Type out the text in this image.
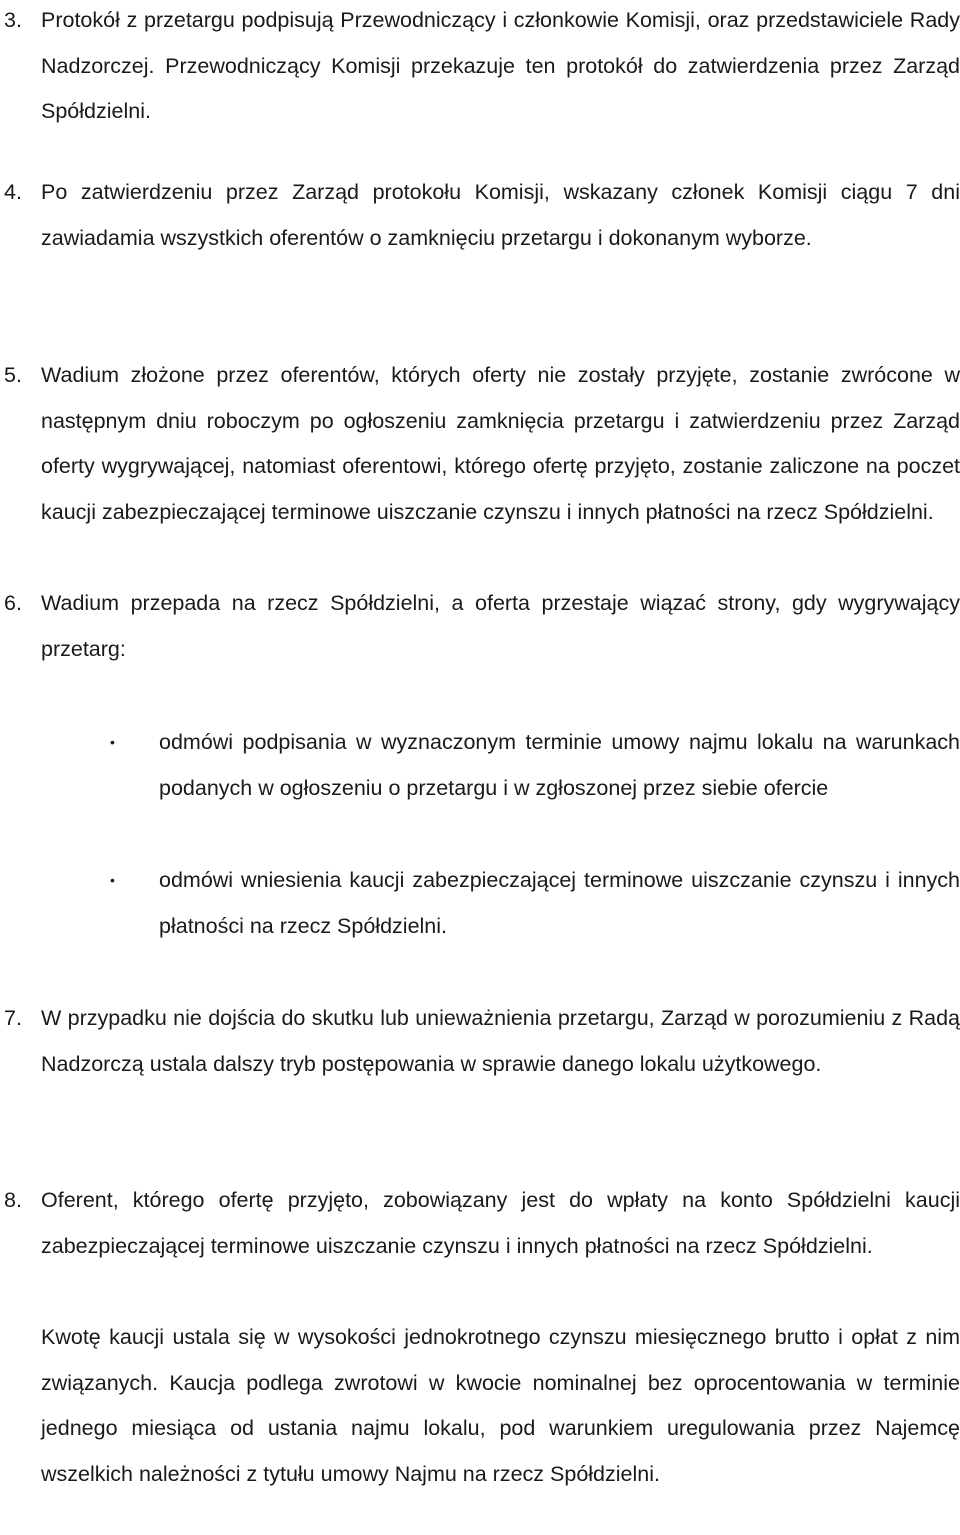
3. Protokół z przetargu podpisują Przewodniczący i członkowie Komisji, oraz przedstawiciele Rady Nadzorczej. Przewodniczący Komisji przekazuje ten protokół do zatwierdzenia przez Zarząd Spółdzielni.
4. Po zatwierdzeniu przez Zarząd protokołu Komisji, wskazany członek Komisji ciągu 7 dni zawiadamia wszystkich oferentów o zamknięciu przetargu i dokonanym wyborze.
5. Wadium złożone przez oferentów, których oferty nie zostały przyjęte, zostanie zwrócone w następnym dniu roboczym po ogłoszeniu zamknięcia przetargu i zatwierdzeniu przez Zarząd oferty wygrywającej, natomiast oferentowi, którego ofertę przyjęto, zostanie zaliczone na poczet kaucji zabezpieczającej terminowe uiszczanie czynszu i innych płatności na rzecz Spółdzielni.
6. Wadium przepada na rzecz Spółdzielni, a oferta przestaje wiązać strony, gdy wygrywający przetarg:
•	odmówi podpisania w wyznaczonym terminie umowy najmu lokalu na warunkach podanych w ogłoszeniu o przetargu i w zgłoszonej przez siebie ofercie
•	odmówi wniesienia kaucji zabezpieczającej terminowe uiszczanie czynszu i innych płatności na rzecz Spółdzielni.
7. W przypadku nie dojścia do skutku lub unieważnienia przetargu, Zarząd w porozumieniu z Radą Nadzorczą ustala dalszy tryb postępowania w sprawie danego lokalu użytkowego.
8. Oferent, którego ofertę przyjęto, zobowiązany jest do wpłaty na konto Spółdzielni kaucji zabezpieczającej terminowe uiszczanie czynszu i innych płatności na rzecz Spółdzielni.
Kwotę kaucji ustala się w wysokości jednokrotnego czynszu miesięcznego brutto i opłat z nim związanych. Kaucja podlega zwrotowi w kwocie nominalnej bez oprocentowania w terminie jednego miesiąca od ustania najmu lokalu, pod warunkiem uregulowania przez Najemcę wszelkich należności z tytułu umowy Najmu na rzecz Spółdzielni.
